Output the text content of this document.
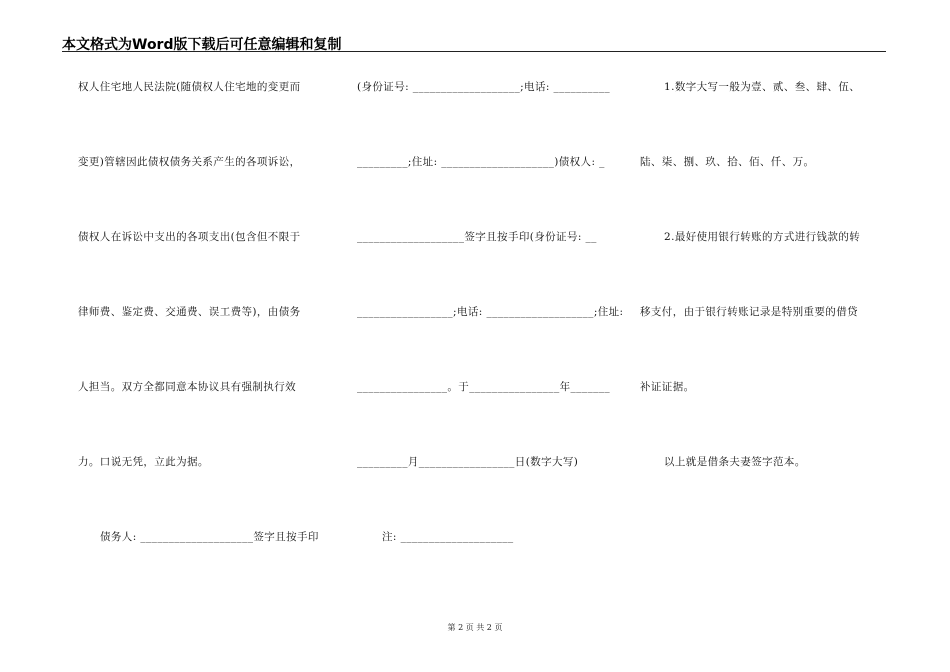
本文格式为Word版下载后可任意编辑和复制
权人住宅地人民法院(随债权人住宅地的变更而
变更)管辖因此债权债务关系产生的各项诉讼，
债权人在诉讼中支出的各项支出(包含但不限于
律师费、鉴定费、交通费、误工费等)，由债务
人担当。双方全都同意本协议具有强制执行效
力。口说无凭，立此为据。
债务人: ____________________签字且按手印
(身份证号: ___________________;电话: __________
_________;住址: ____________________)债权人: _
___________________签字且按手印(身份证号: __
_________________;电话: ___________________;住址:
________________。于________________年_______
_________月_________________日(数字大写)
注: ____________________
1.数字大写一般为壹、贰、叁、肆、伍、
陆、柒、捌、玖、拾、佰、仟、万。
2.最好使用银行转账的方式进行钱款的转
移支付，由于银行转账记录是特别重要的借贷
补证证据。
以上就是借条夫妻签字范本。
第 2 页 共 2 页
